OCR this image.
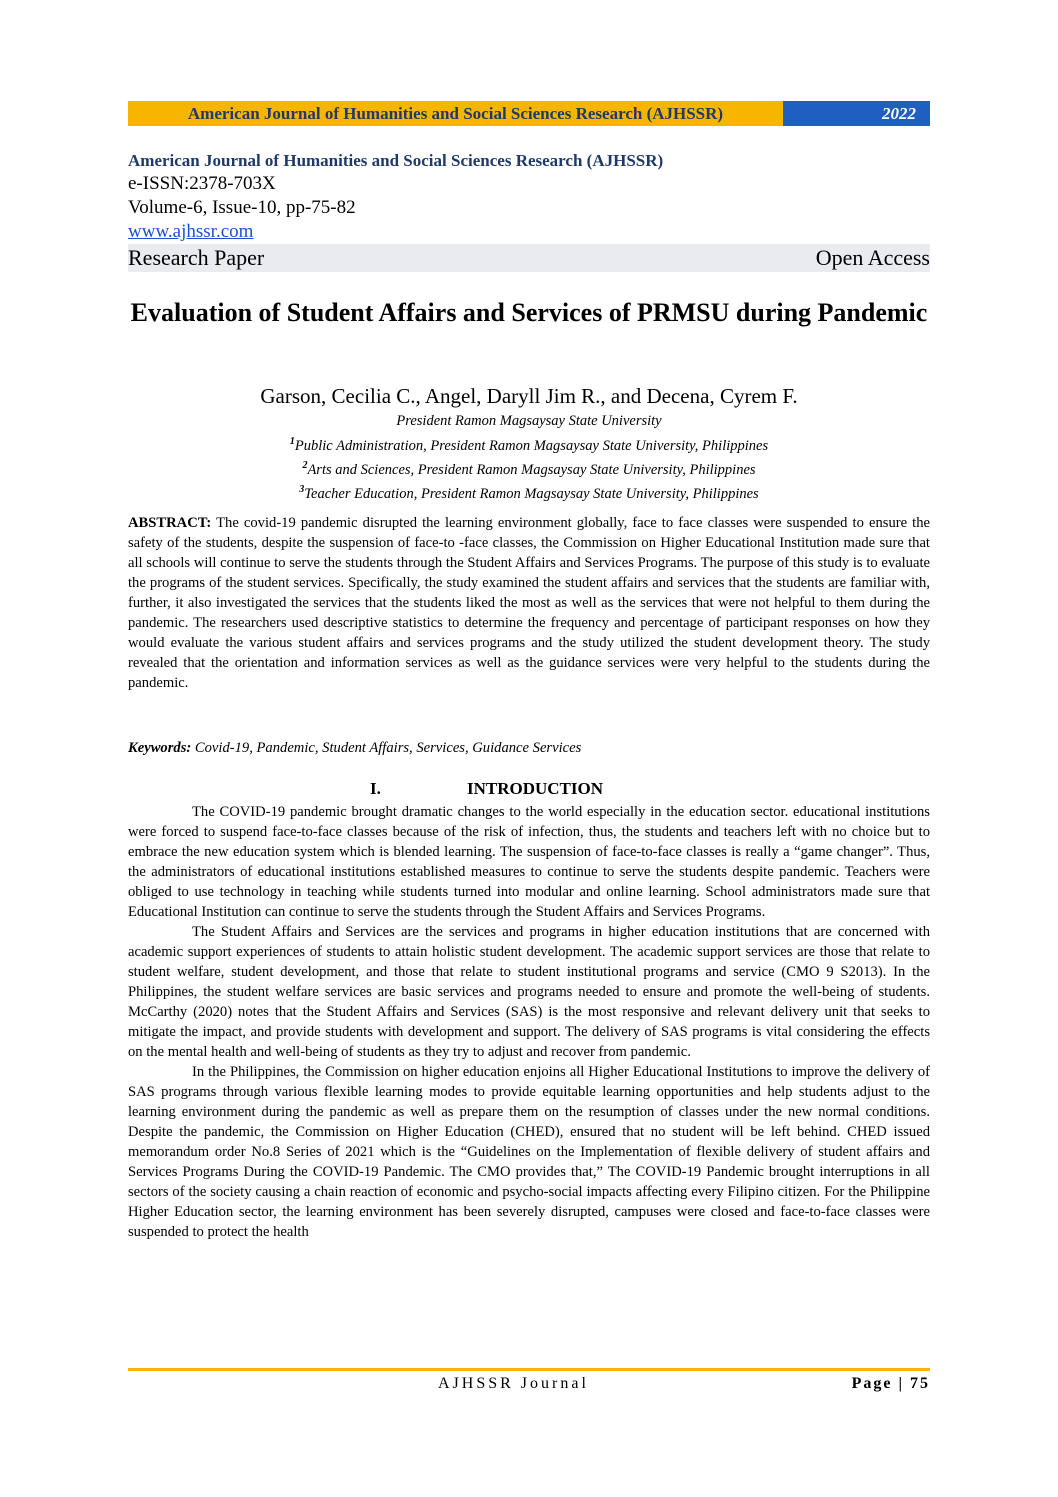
American Journal of Humanities and Social Sciences Research (AJHSSR)	2022
American Journal of Humanities and Social Sciences Research (AJHSSR)
e-ISSN:2378-703X
Volume-6, Issue-10, pp-75-82
www.ajhssr.com
Research Paper	Open Access
Evaluation of Student Affairs and Services of PRMSU during Pandemic
Garson, Cecilia C., Angel, Daryll Jim R., and Decena, Cyrem F.
President Ramon Magsaysay State University
$^1$Public Administration, President Ramon Magsaysay State University, Philippines
$^2$Arts and Sciences, President Ramon Magsaysay State University, Philippines
$^3$Teacher Education, President Ramon Magsaysay State University, Philippines
ABSTRACT: The covid-19 pandemic disrupted the learning environment globally, face to face classes were suspended to ensure the safety of the students, despite the suspension of face-to -face classes, the Commission on Higher Educational Institution made sure that all schools will continue to serve the students through the Student Affairs and Services Programs. The purpose of this study is to evaluate the programs of the student services. Specifically, the study examined the student affairs and services that the students are familiar with, further, it also investigated the services that the students liked the most as well as the services that were not helpful to them during the pandemic. The researchers used descriptive statistics to determine the frequency and percentage of participant responses on how they would evaluate the various student affairs and services programs and the study utilized the student development theory. The study revealed that the orientation and information services as well as the guidance services were very helpful to the students during the pandemic.
Keywords: Covid-19, Pandemic, Student Affairs, Services, Guidance Services
I.	INTRODUCTION

The COVID-19 pandemic brought dramatic changes to the world especially in the education sector. educational institutions were forced to suspend face-to-face classes because of the risk of infection, thus, the students and teachers left with no choice but to embrace the new education system which is blended learning. The suspension of face-to-face classes is really a “game changer”. Thus, the administrators of educational institutions established measures to continue to serve the students despite pandemic. Teachers were obliged to use technology in teaching while students turned into modular and online learning. School administrators made sure that Educational Institution can continue to serve the students through the Student Affairs and Services Programs.

The Student Affairs and Services are the services and programs in higher education institutions that are concerned with academic support experiences of students to attain holistic student development. The academic support services are those that relate to student welfare, student development, and those that relate to student institutional programs and service (CMO 9 S2013). In the Philippines, the student welfare services are basic services and programs needed to ensure and promote the well-being of students. McCarthy (2020) notes that the Student Affairs and Services (SAS) is the most responsive and relevant delivery unit that seeks to mitigate the impact, and provide students with development and support. The delivery of SAS programs is vital considering the effects on the mental health and well-being of students as they try to adjust and recover from pandemic.

In the Philippines, the Commission on higher education enjoins all Higher Educational Institutions to improve the delivery of SAS programs through various flexible learning modes to provide equitable learning opportunities and help students adjust to the learning environment during the pandemic as well as prepare them on the resumption of classes under the new normal conditions. Despite the pandemic, the Commission on Higher Education (CHED), ensured that no student will be left behind. CHED issued memorandum order No.8 Series of 2021 which is the “Guidelines on the Implementation of flexible delivery of student affairs and Services Programs During the COVID-19 Pandemic. The CMO provides that,” The COVID-19 Pandemic brought interruptions in all sectors of the society causing a chain reaction of economic and psycho-social impacts affecting every Filipino citizen. For the Philippine Higher Education sector, the learning environment has been severely disrupted, campuses were closed and face-to-face classes were suspended to protect the health

AJHSSR Journal	Page | 75
